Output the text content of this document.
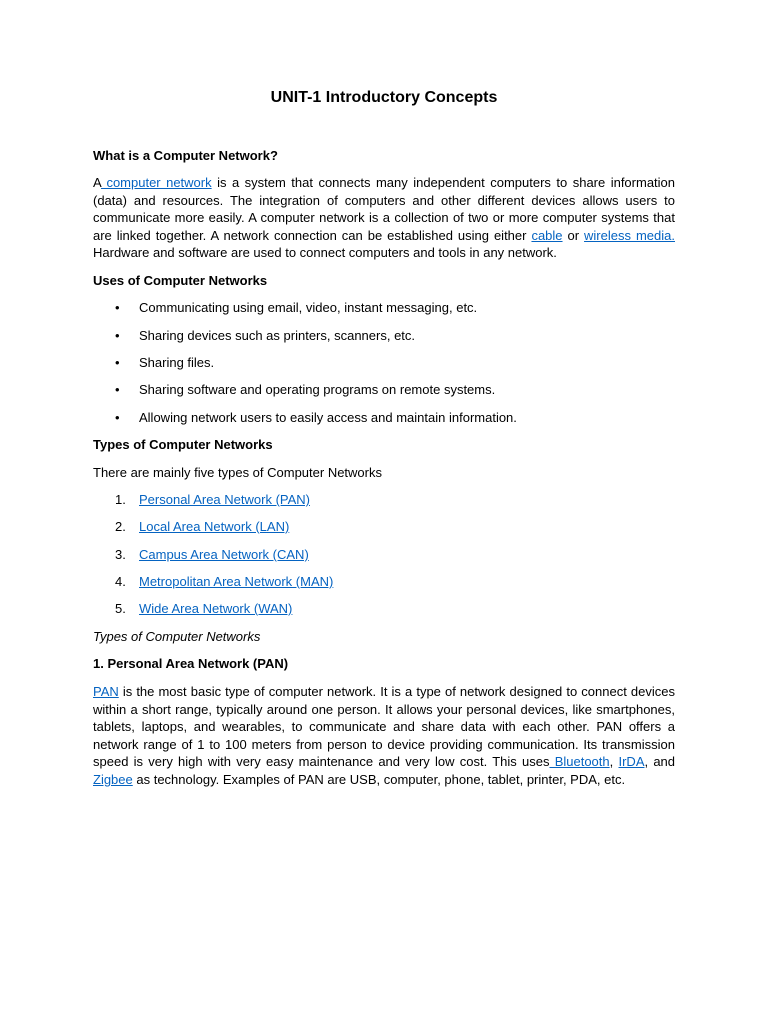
UNIT-1 Introductory Concepts
What is a Computer Network?
A computer network is a system that connects many independent computers to share information (data) and resources. The integration of computers and other different devices allows users to communicate more easily. A computer network is a collection of two or more computer systems that are linked together. A network connection can be established using either cable or wireless media. Hardware and software are used to connect computers and tools in any network.
Uses of Computer Networks
• Communicating using email, video, instant messaging, etc.
• Sharing devices such as printers, scanners, etc.
• Sharing files.
• Sharing software and operating programs on remote systems.
• Allowing network users to easily access and maintain information.
Types of Computer Networks
There are mainly five types of Computer Networks
1. Personal Area Network (PAN)
2. Local Area Network (LAN)
3. Campus Area Network (CAN)
4. Metropolitan Area Network (MAN)
5. Wide Area Network (WAN)
Types of Computer Networks
1. Personal Area Network (PAN)
PAN is the most basic type of computer network. It is a type of network designed to connect devices within a short range, typically around one person. It allows your personal devices, like smartphones, tablets, laptops, and wearables, to communicate and share data with each other. PAN offers a network range of 1 to 100 meters from person to device providing communication. Its transmission speed is very high with very easy maintenance and very low cost. This uses Bluetooth, IrDA, and Zigbee as technology. Examples of PAN are USB, computer, phone, tablet, printer, PDA, etc.
